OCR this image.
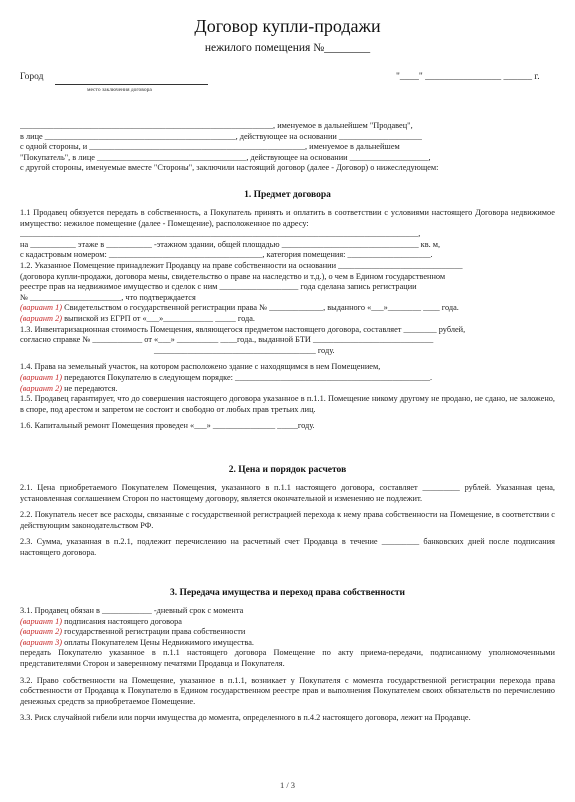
Договор купли-продажи
нежилого помещения №________
Город
место заключения договора
"____" ________________ ______ г.
_____________________________________________________________, именуемое в дальнейшем "Продавец",
в лице ______________________________________________, действующее на основании ____________________
с одной стороны, и ____________________________________________________, именуемое в дальнейшем
"Покупатель", в лице ____________________________________, действующее на основании ___________________,
с другой стороны, именуемые вместе "Стороны", заключили настоящий договор (далее - Договор) о нижеследующем:
1. Предмет договора
1.1 Продавец обязуется передать в собственность, а Покупатель принять и оплатить в соответствии с условиями настоящего Договора недвижимое имущество: нежилое помещение (далее - Помещение), расположенное по адресу:
________________________________________________________________________________________________,
на ___________ этаже в ___________ -этажном здании, общей площадью _________________________________ кв. м,
с кадастровым номером: _____________________________________, категория помещения: ____________________.
1.2. Указанное Помещение принадлежит Продавцу на праве собственности на основании ______________________________
(договора купли-продажи, договора мены, свидетельство о праве на наследство и т.д.), о чем в Едином государственном
реестре прав на недвижимое имущество и сделок с ним ___________________ года сделана запись регистрации
№ ______________________, что подтверждается
(вариант 1) Свидетельством о государственной регистрации права № _____________, выданного «___»________ ____ года.
(вариант 2) выпиской из ЕГРП от «___»____________ _____ года.
1.3. Инвентаризационная стоимость Помещения, являющегося предметом настоящего договора, составляет ________ рублей,
согласно справке № ____________ от «___» __________ ____года., выданной БТИ _____________________________
_______________________________________ году.
1.4. Права на земельный участок, на котором расположено здание с находящимся в нем Помещением,
(вариант 1) передаются Покупателю в следующем порядке: _______________________________________________.
(вариант 2) не передаются.
1.5. Продавец гарантирует, что до совершения настоящего договора указанное в п.1.1. Помещение никому другому не продано, не сдано, не заложено, в споре, под арестом и запретом не состоит и свободно от любых прав третьих лиц.
1.6. Капитальный ремонт Помещения проведен «___» _______________ _____году.
2. Цена и порядок расчетов
2.1. Цена приобретаемого Покупателем Помещения, указанного в п.1.1 настоящего договора, составляет _________ рублей. Указанная цена, установленная соглашением Сторон по настоящему договору, является окончательной и изменению не подлежит.
2.2. Покупатель несет все расходы, связанные с государственной регистрацией перехода к нему права собственности на Помещение, в соответствии с действующим законодательством РФ.
2.3. Сумма, указанная в п.2.1, подлежит перечислению на расчетный счет Продавца в течение _________ банковских дней после подписания настоящего договора.
3. Передача имущества и переход права собственности
3.1. Продавец обязан в ____________ -дневный срок с момента
(вариант 1) подписания настоящего договора
(вариант 2) государственной регистрации права собственности
(вариант 3) оплаты Покупателем Цены Недвижимого имущества.
передать Покупателю указанное в п.1.1 настоящего договора Помещение по акту приема-передачи, подписанному уполномоченными представителями Сторон и завеpенному печатями Продавца и Покупателя.
3.2. Право собственности на Помещение, указанное в п.1.1, возникает у Покупателя с момента государственной регистрации перехода права собственности от Продавца к Покупателю в Едином государственном реестре прав и выполнения Покупателем своих обязательств по перечислению денежных средств за приобретаемое Помещение.
3.3. Риск случайной гибели или порчи имущества до момента, определенного в п.4.2 настоящего договора, лежит на Продавце.
1 / 3
